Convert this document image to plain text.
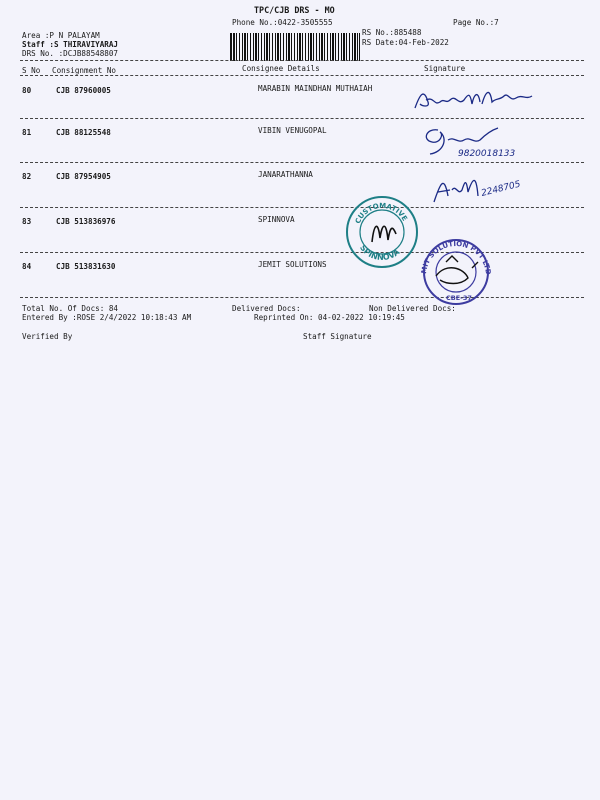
TPC/CJB DRS - MO
Phone No.:0422-3505555
RS No.:885488
Page No.:7
RS Date:04-Feb-2022
Area :P N PALAYAM
Staff :S THIRAVIYARAJ
DRS No. :DCJB88548807
S No Consignment No	Consignee Details	Signature
80	CJB 87960005	MARABIN MAINDHAN MUTHAIAH
81	CJB 88125548	VIBIN VENUGOPAL
82	CJB 87954905	JANARATHANNA
83	CJB 513836976	SPINNOVA
84	CJB 513831630	JEMIT SOLUTIONS
Total No. Of Docs: 84	Delivered Docs:	Non Delivered Docs:
Entered By :ROSE 2/4/2022 10:18:43 AM	Reprinted On: 04-02-2022 10:19:45
Verified By	Staff Signature
9820018133
2248705
CUSTOMATIVE
SPINNOVA
MIT SOLUTION PVT LTD
CBE-37
